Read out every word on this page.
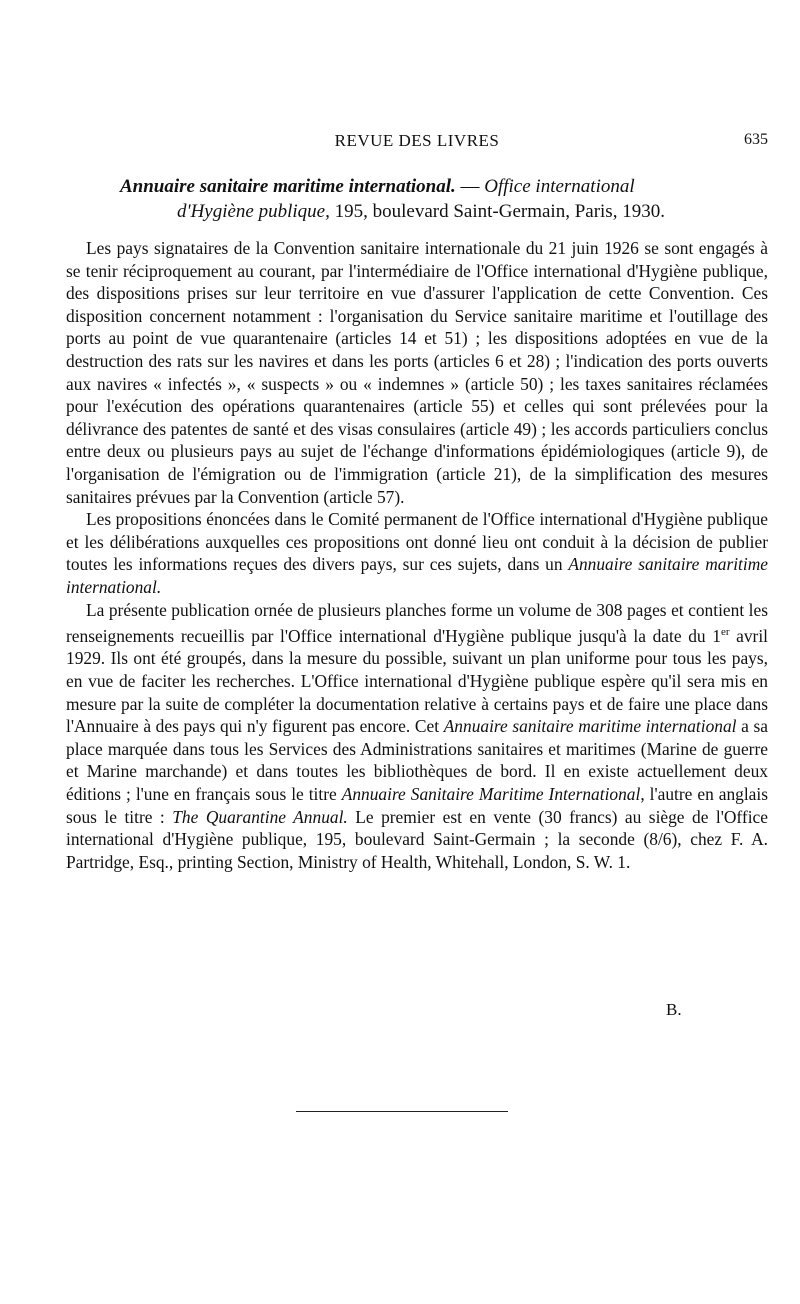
REVUE DES LIVRES	635
Annuaire sanitaire maritime international. — Office international
d'Hygiène publique, 195, boulevard Saint-Germain, Paris, 1930.

Les pays signataires de la Convention sanitaire internationale du 21 juin 1926 se sont engagés à se tenir réciproquement au courant, par l'intermédiaire de l'Office international d'Hygiène publique, des dispositions prises sur leur territoire en vue d'assurer l'application de cette Convention. Ces disposition concernent notamment : l'organisation du Service sanitaire maritime et l'outillage des ports au point de vue quarantenaire (articles 14 et 51) ; les dispositions adoptées en vue de la destruction des rats sur les navires et dans les ports (articles 6 et 28) ; l'indication des ports ouverts aux navires « infectés », « suspects » ou « indemnes » (article 50) ; les taxes sanitaires réclamées pour l'exécution des opérations quarantenaires (article 55) et celles qui sont prélevées pour la délivrance des patentes de santé et des visas consulaires (article 49) ; les accords particuliers conclus entre deux ou plusieurs pays au sujet de l'échange d'informations épidémiologiques (article 9), de l'organisation de l'émigration ou de l'immigration (article 21), de la simplification des mesures sanitaires prévues par la Convention (article 57).

Les propositions énoncées dans le Comité permanent de l'Office international d'Hygiène publique et les délibérations auxquelles ces propositions ont donné lieu ont conduit à la décision de publier toutes les informations reçues des divers pays, sur ces sujets, dans un Annuaire sanitaire maritime international.

La présente publication ornée de plusieurs planches forme un volume de 308 pages et contient les renseignements recueillis par l'Office international d'Hygiène publique jusqu'à la date du 1er avril 1929. Ils ont été groupés, dans la mesure du possible, suivant un plan uniforme pour tous les pays, en vue de faciter les recherches. L'Office international d'Hygiène publique espère qu'il sera mis en mesure par la suite de compléter la documentation relative à certains pays et de faire une place dans l'Annuaire à des pays qui n'y figurent pas encore. Cet Annuaire sanitaire maritime international a sa place marquée dans tous les Services des Administrations sanitaires et maritimes (Marine de guerre et Marine marchande) et dans toutes les bibliothèques de bord. Il en existe actuellement deux éditions ; l'une en français sous le titre Annuaire Sanitaire Maritime International, l'autre en anglais sous le titre : The Quarantine Annual. Le premier est en vente (30 francs) au siège de l'Office international d'Hygiène publique, 195, boulevard Saint-Germain ; la seconde (8/6), chez F. A. Partridge, Esq., printing Section, Ministry of Health, Whitehall, London, S. W. 1.

B.
